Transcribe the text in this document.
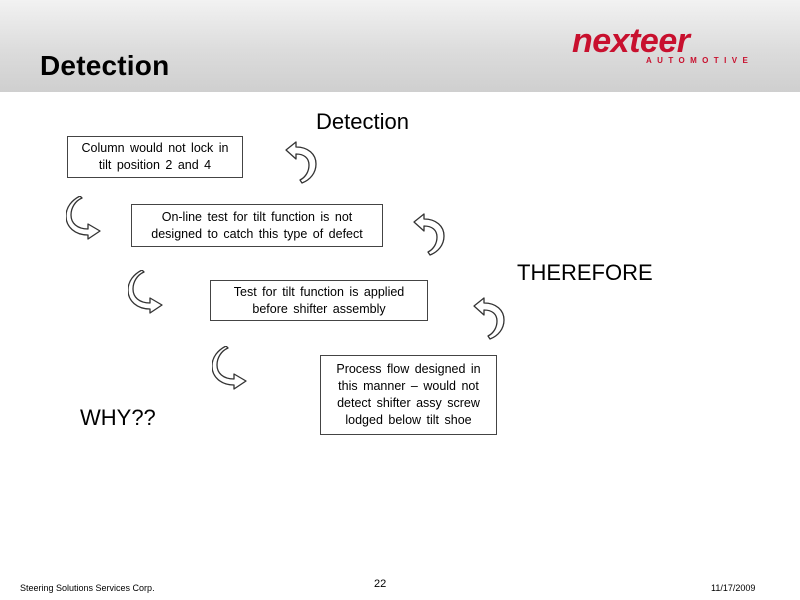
Detection
nexteer
AUTOMOTIVE
Detection
Column would not lock in tilt position 2 and 4
On-line test for tilt function is not designed to catch this type of defect
Test for tilt function is applied before shifter assembly
Process flow designed in this manner – would not detect shifter assy screw lodged below tilt shoe
THEREFORE
WHY??
Steering Solutions Services Corp.	22	11/17/2009
